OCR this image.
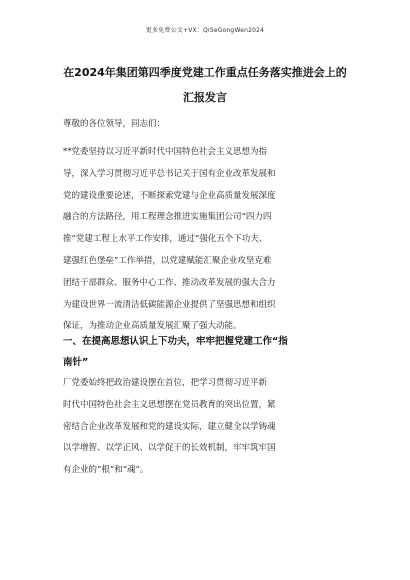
更多免费公文+VX：QiSeGongWen2024
在2024年集团第四季度党建工作重点任务落实推进会上的
汇报发言
尊敬的各位领导，同志们：

**党委坚持以习近平新时代中国特色社会主义思想为指
导，深入学习贯彻习近平总书记关于国有企业改革发展和
党的建设重要论述，不断探索党建与企业高质量发展深度
融合的方法路径，用工程理念推进实施集团公司“四力四
推”党建工程上水平工作安排，通过“强化五个下功夫、
建强红色堡垒”工作举措，以党建赋能汇聚企业攻坚克难
团结干部群众、服务中心工作、推动改革发展的强大合力
为建设世界一流清洁低碳能源企业提供了坚强思想和组织
保证，为推动企业高质量发展汇聚了强大动能。

一、在提高思想认识上下功夫，牢牢把握党建工作“指
南针”

厂党委始终把政治建设摆在首位，把学习贯彻习近平新
时代中国特色社会主义思想摆在党员教育的突出位置，紧
密结合企业改革发展和党的建设实际，建立健全以学铸魂
以学增智、以学正风、以学促干的长效机制，牢牢筑牢国
有企业的“根”和“魂”。
